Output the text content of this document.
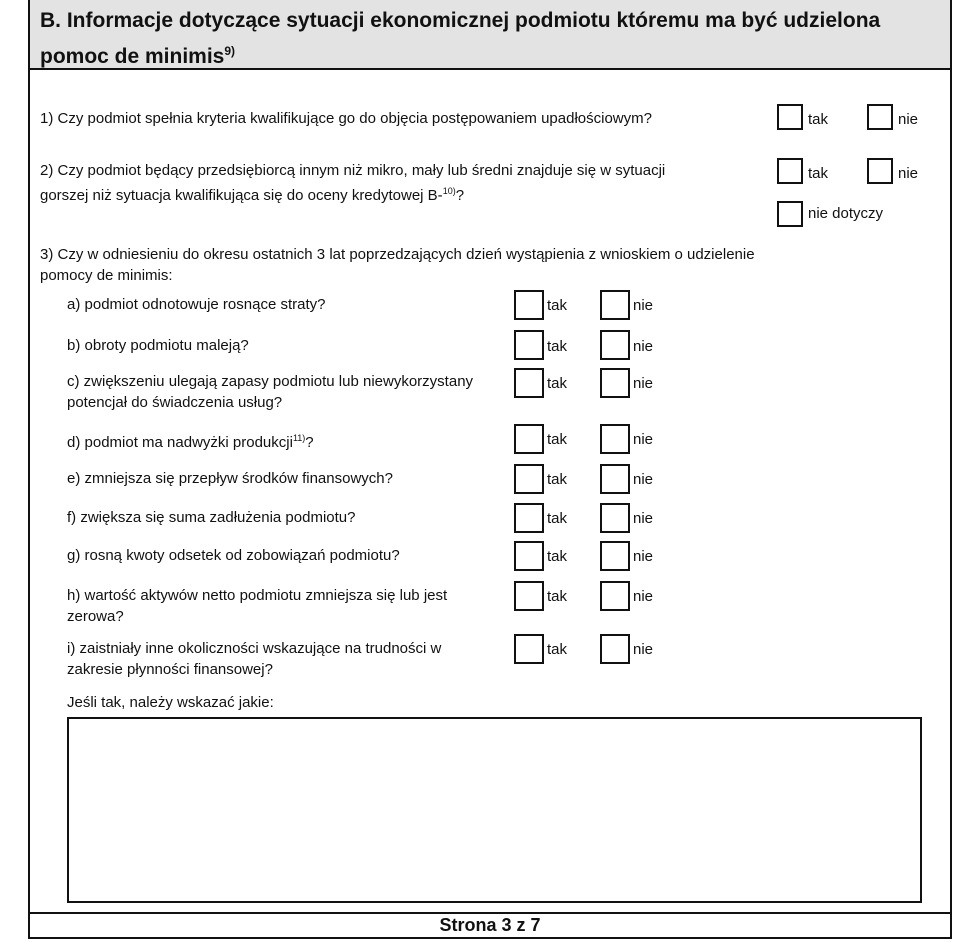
B. Informacje dotyczące sytuacji ekonomicznej podmiotu któremu ma być udzielona pomoc de minimis$^{9)}$

1) Czy podmiot spełnia kryteria kwalifikujące go do objęcia postępowaniem upadłościowym?	tak	nie

2) Czy podmiot będący przedsiębiorcą innym niż mikro, mały lub średni znajduje się w sytuacji
gorszej niż sytuacja kwalifikująca się do oceny kredytowej B-$^{10)}$?

tak	nie
nie dotyczy

3) Czy w odniesieniu do okresu ostatnich 3 lat poprzedzających dzień wystąpienia z wnioskiem o udzielenie pomocy de minimis:

a) podmiot odnotowuje rosnące straty?	tak	nie

b) obroty podmiotu maleją?	tak	nie

c) zwiększeniu ulegają zapasy podmiotu lub niewykorzystany potencjał do świadczenia usług?

tak	nie

d) podmiot ma nadwyżki produkcji$^{11)}$?	tak	nie

e) zmniejsza się przepływ środków finansowych?	tak	nie

f) zwiększa się suma zadłużenia podmiotu?	tak	nie

g) rosną kwoty odsetek od zobowiązań podmiotu?	tak	nie

h) wartość aktywów netto podmiotu zmniejsza się lub jest zerowa?

tak	nie

i) zaistniały inne okoliczności wskazujące na trudności w zakresie płynności finansowej?

tak	nie

Jeśli tak, należy wskazać jakie:

Strona 3 z 7
